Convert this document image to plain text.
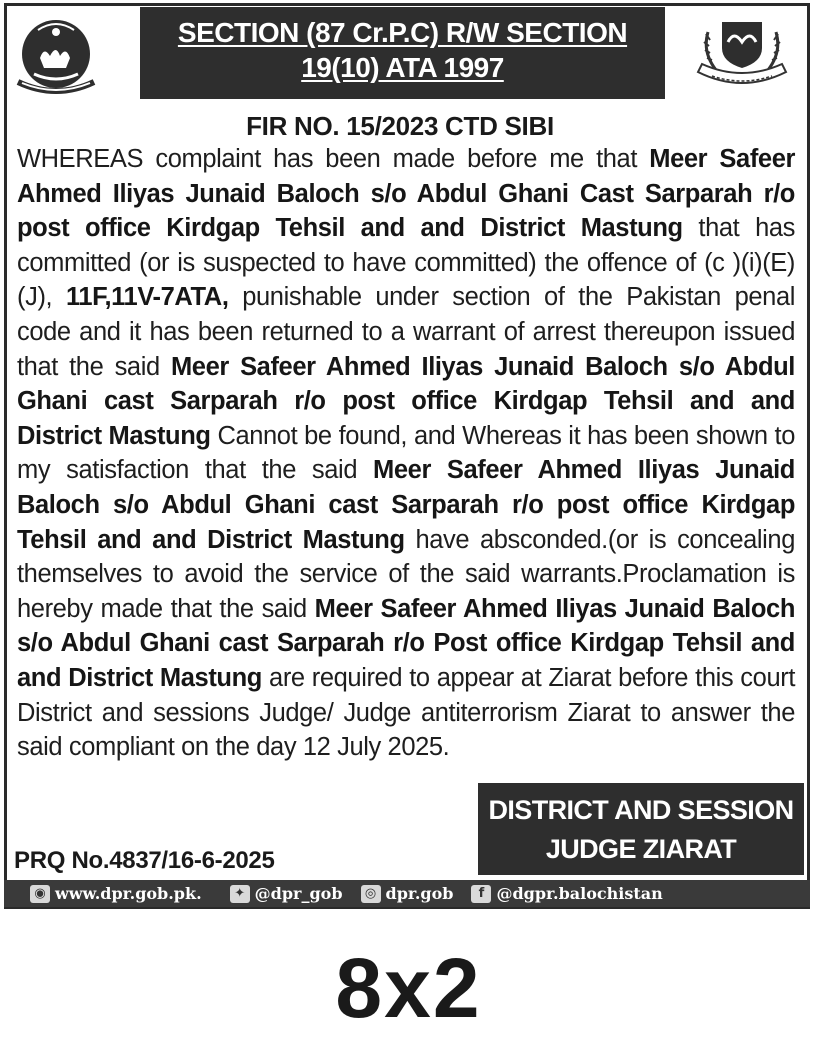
SECTION (87 Cr.P.C) R/W SECTION
19(10) ATA 1997
FIR NO. 15/2023 CTD SIBI
WHEREAS complaint has been made before me that Meer Safeer Ahmed Iliyas Junaid Baloch s/o Abdul Ghani Cast Sarparah r/o post office Kirdgap Tehsil and and District Mastung that has committed (or is suspected to have committed) the offence of (c )(i)(E) (J), 11F,11V-7ATA, punishable under section of the Pakistan penal code and it has been returned to a warrant of arrest thereupon issued that the said Meer Safeer Ahmed Iliyas Junaid Baloch s/o Abdul Ghani cast Sarparah r/o post office Kirdgap Tehsil and and District Mastung Cannot be found, and Whereas it has been shown to my satisfaction that the said Meer Safeer Ahmed Iliyas Junaid Baloch s/o Abdul Ghani cast Sarparah r/o post office Kirdgap Tehsil and and District Mastung have absconded.(or is concealing themselves to avoid the service of the said warrants.Proclamation is hereby made that the said Meer Safeer Ahmed Iliyas Junaid Baloch s/o Abdul Ghani cast Sarparah r/o Post office Kirdgap Tehsil and and District Mastung are required to appear at Ziarat before this court District and sessions Judge/ Judge antiterrorism Ziarat to answer the said compliant on the day 12 July 2025.
DISTRICT AND SESSION
JUDGE ZIARAT
PRQ No.4837/16-6-2025
◉ www.dpr.gob.pk.	✦ @dpr_gob	◎ dpr.gob	f @dgpr.balochistan
8x2
